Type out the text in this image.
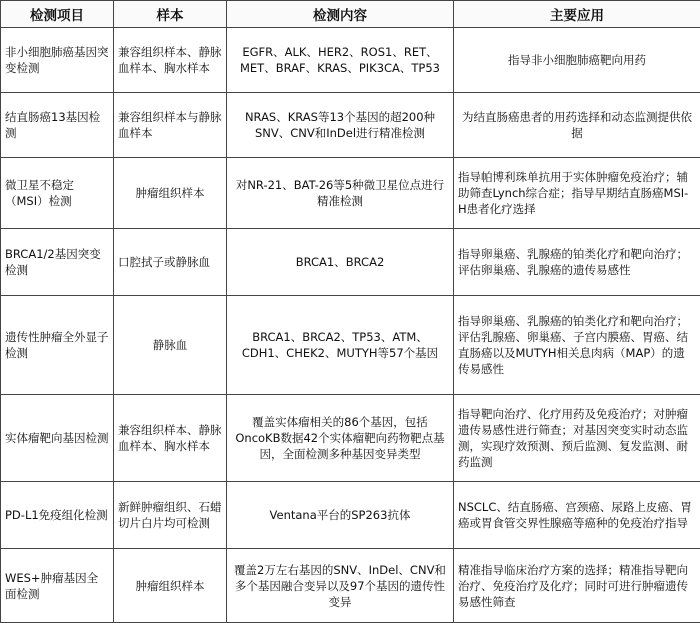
检测项目	样本	检测内容	主要应用
非小细胞肺癌基因突变检测	兼容组织样本、静脉血样本、胸水样本	EGFR、ALK、HER2、ROS1、RET、MET、BRAF、KRAS、PIK3CA、TP53	指导非小细胞肺癌靶向用药
结直肠癌13基因检测	兼容组织样本与静脉血样本	NRAS、KRAS等13个基因的超200种SNV、CNV和InDel进行精准检测	为结直肠癌患者的用药选择和动态监测提供依据
微卫星不稳定（MSI）检测	肿瘤组织样本	对NR-21、BAT-26等5种微卫星位点进行精准检测	指导帕博利珠单抗用于实体肿瘤免疫治疗；辅助筛查Lynch综合症；指导早期结直肠癌MSI-H患者化疗选择
BRCA1/2基因突变检测	口腔拭子或静脉血	BRCA1、BRCA2	指导卵巢癌、乳腺癌的铂类化疗和靶向治疗；评估卵巢癌、乳腺癌的遗传易感性
遗传性肿瘤全外显子检测	静脉血	BRCA1、BRCA2、TP53、ATM、CDH1、CHEK2、MUTYH等57个基因	指导卵巢癌、乳腺癌的铂类化疗和靶向治疗；评估乳腺癌、卵巢癌、子宫内膜癌、胃癌、结直肠癌以及MUTYH相关息肉病（MAP）的遗传易感性
实体瘤靶向基因检测	兼容组织样本、静脉血样本、胸水样本	覆盖实体瘤相关的86个基因，包括OncoKB数据42个实体瘤靶向药物靶点基因，全面检测多种基因变异类型	指导靶向治疗、化疗用药及免疫治疗；对肿瘤遗传易感性进行筛查；对基因突变实时动态监测，实现疗效预测、预后监测、复发监测、耐药监测
PD-L1免疫组化检测	新鲜肿瘤组织、石蜡切片白片均可检测	Ventana平台的SP263抗体	NSCLC、结直肠癌、宫颈癌、尿路上皮癌、胃癌或胃食管交界性腺癌等癌种的免疫治疗指导
WES+肿瘤基因全面检测	肿瘤组织样本	覆盖2万左右基因的SNV、InDel、CNV和多个基因融合变异以及97个基因的遗传性变异	精准指导临床治疗方案的选择；精准指导靶向治疗、免疫治疗及化疗；同时可进行肿瘤遗传易感性筛查
